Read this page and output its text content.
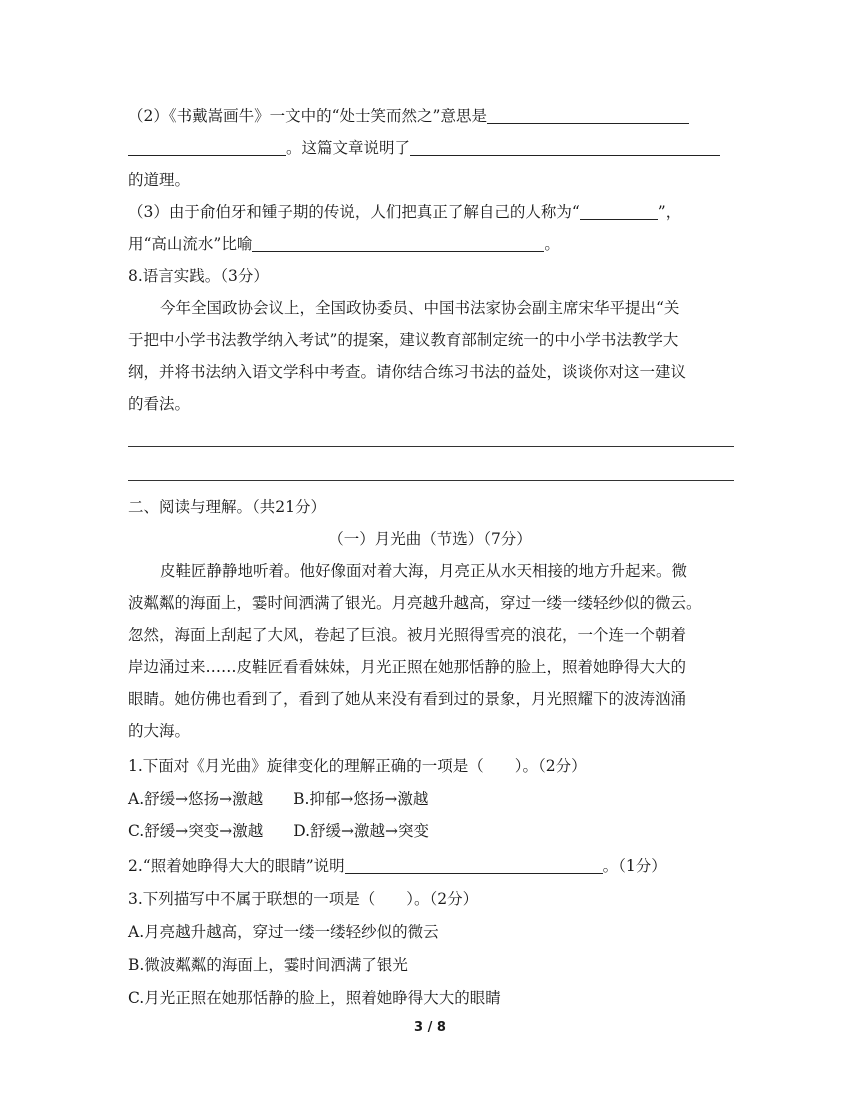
（2）《书戴嵩画牛》一文中的“处士笑而然之”意思是
。这篇文章说明了
的道理。
（3）由于俞伯牙和锺子期的传说，人们把真正了解自己的人称为“	”，
用“高山流水”比喻	。
8.语言实践。（3分）
今年全国政协会议上，全国政协委员、中国书法家协会副主席宋华平提出“关
于把中小学书法教学纳入考试”的提案，建议教育部制定统一的中小学书法教学大
纲，并将书法纳入语文学科中考查。请你结合练习书法的益处，谈谈你对这一建议
的看法。
二、阅读与理解。（共21分）
（一）月光曲（节选）（7分）
皮鞋匠静静地听着。他好像面对着大海，月亮正从水天相接的地方升起来。微
波粼粼的海面上，霎时间洒满了银光。月亮越升越高，穿过一缕一缕轻纱似的微云。
忽然，海面上刮起了大风，卷起了巨浪。被月光照得雪亮的浪花，一个连一个朝着
岸边涌过来……皮鞋匠看看妹妹，月光正照在她那恬静的脸上，照着她睁得大大的
眼睛。她仿佛也看到了，看到了她从来没有看到过的景象，月光照耀下的波涛汹涌
的大海。
1.下面对《月光曲》旋律变化的理解正确的一项是（　　）。（2分）
A.舒缓→悠扬→激越 B.抑郁→悠扬→激越
C.舒缓→突变→激越 D.舒缓→激越→突变
2.“照着她睁得大大的眼睛”说明	。（1分）
3.下列描写中不属于联想的一项是（　　）。（2分）
A.月亮越升越高，穿过一缕一缕轻纱似的微云
B.微波粼粼的海面上，霎时间洒满了银光
C.月光正照在她那恬静的脸上，照着她睁得大大的眼睛
3 / 8
